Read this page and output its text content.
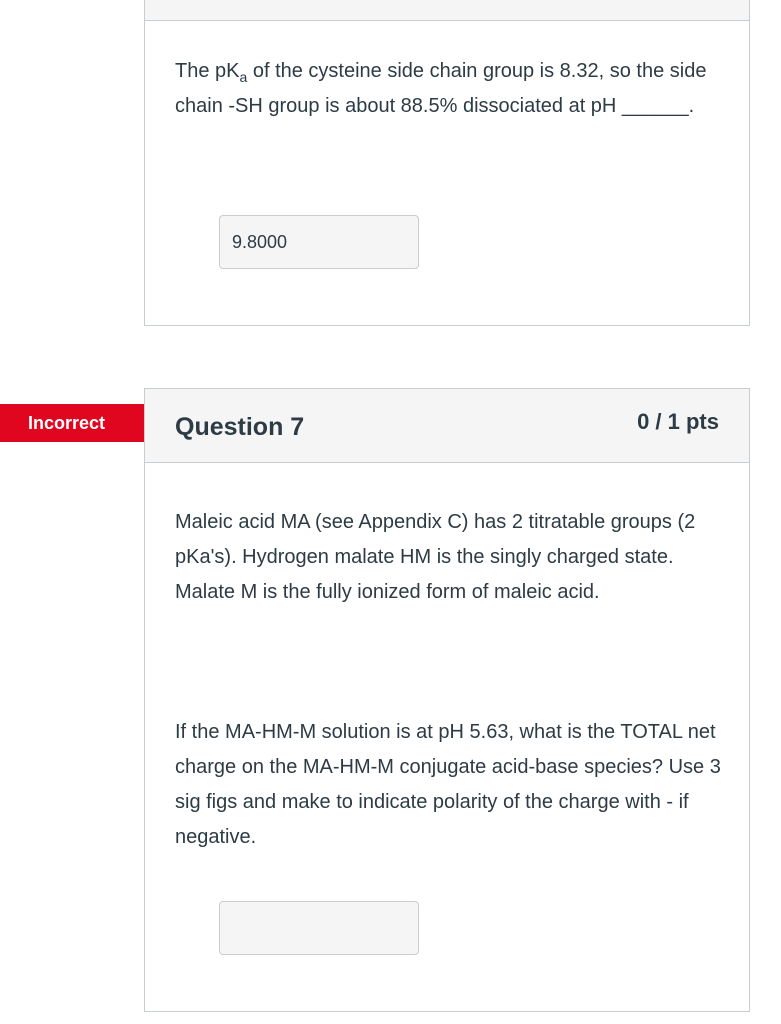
The $pK_a$ of the cysteine side chain group is 8.32, so the side chain -SH group is about 88.5% dissociated at pH ______.

9.8000
Incorrect	Question 7	0 / 1 pts

Maleic acid MA (see Appendix C) has 2 titratable groups (2 pKa's). Hydrogen malate HM is the singly charged state. Malate M is the fully ionized form of maleic acid.

If the MA-HM-M solution is at pH 5.63, what is the TOTAL net charge on the MA-HM-M conjugate acid-base species? Use 3 sig figs and make to indicate polarity of the charge with - if negative.
